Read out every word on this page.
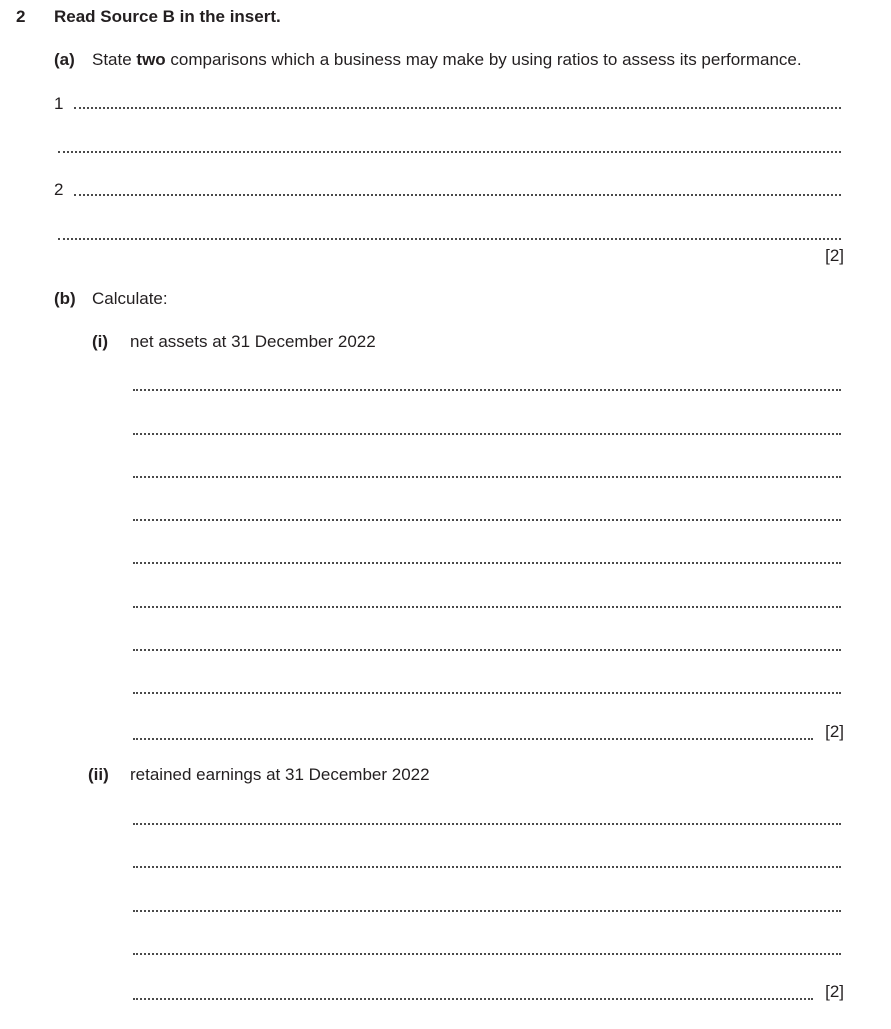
2 Read Source B in the insert.
(a) State two comparisons which a business may make by using ratios to assess its performance.
1
2
[2]
(b) Calculate:
(i) net assets at 31 December 2022
[2]
(ii) retained earnings at 31 December 2022
[2]
